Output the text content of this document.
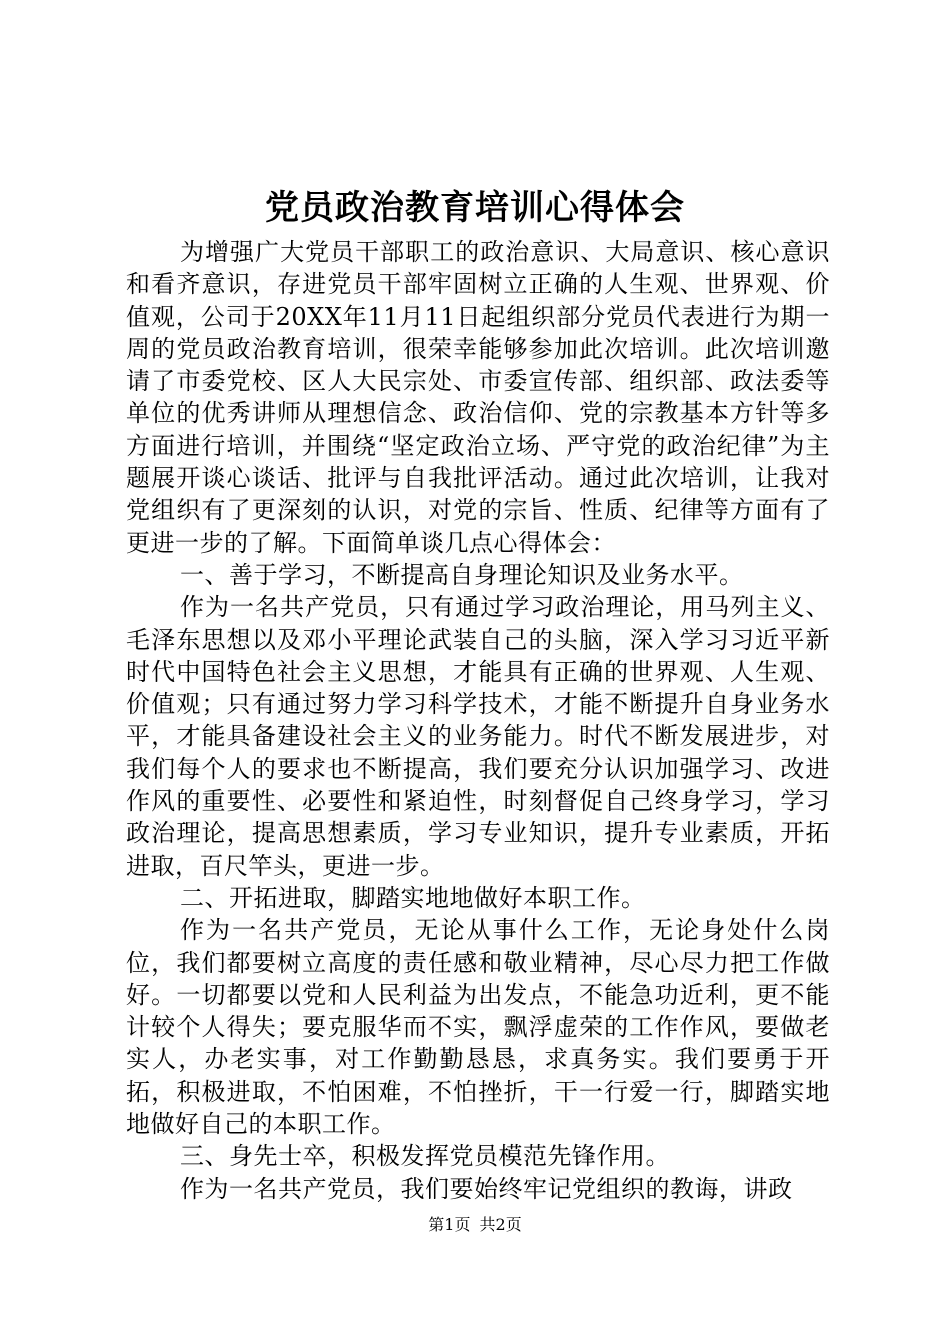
党员政治教育培训心得体会

为增强广大党员干部职工的政治意识、大局意识、核心意识和看齐意识，存进党员干部牢固树立正确的人生观、世界观、价值观，公司于20XX年11月11日起组织部分党员代表进行为期一周的党员政治教育培训，很荣幸能够参加此次培训。此次培训邀请了市委党校、区人大民宗处、市委宣传部、组织部、政法委等单位的优秀讲师从理想信念、政治信仰、党的宗教基本方针等多方面进行培训，并围绕“坚定政治立场、严守党的政治纪律”为主题展开谈心谈话、批评与自我批评活动。通过此次培训，让我对党组织有了更深刻的认识，对党的宗旨、性质、纪律等方面有了更进一步的了解。下面简单谈几点心得体会：

一、善于学习，不断提高自身理论知识及业务水平。

作为一名共产党员，只有通过学习政治理论，用马列主义、毛泽东思想以及邓小平理论武装自己的头脑，深入学习习近平新时代中国特色社会主义思想，才能具有正确的世界观、人生观、价值观；只有通过努力学习科学技术，才能不断提升自身业务水平，才能具备建设社会主义的业务能力。时代不断发展进步，对我们每个人的要求也不断提高，我们要充分认识加强学习、改进作风的重要性、必要性和紧迫性，时刻督促自己终身学习，学习政治理论，提高思想素质，学习专业知识，提升专业素质，开拓进取，百尺竿头，更进一步。

二、开拓进取，脚踏实地地做好本职工作。

作为一名共产党员，无论从事什么工作，无论身处什么岗位，我们都要树立高度的责任感和敬业精神，尽心尽力把工作做好。一切都要以党和人民利益为出发点，不能急功近利，更不能计较个人得失；要克服华而不实，飘浮虚荣的工作作风，要做老实人，办老实事，对工作勤勤恳恳，求真务实。我们要勇于开拓，积极进取，不怕困难，不怕挫折，干一行爱一行，脚踏实地地做好自己的本职工作。

三、身先士卒，积极发挥党员模范先锋作用。

作为一名共产党员，我们要始终牢记党组织的教诲，讲政

第1页 共2页
